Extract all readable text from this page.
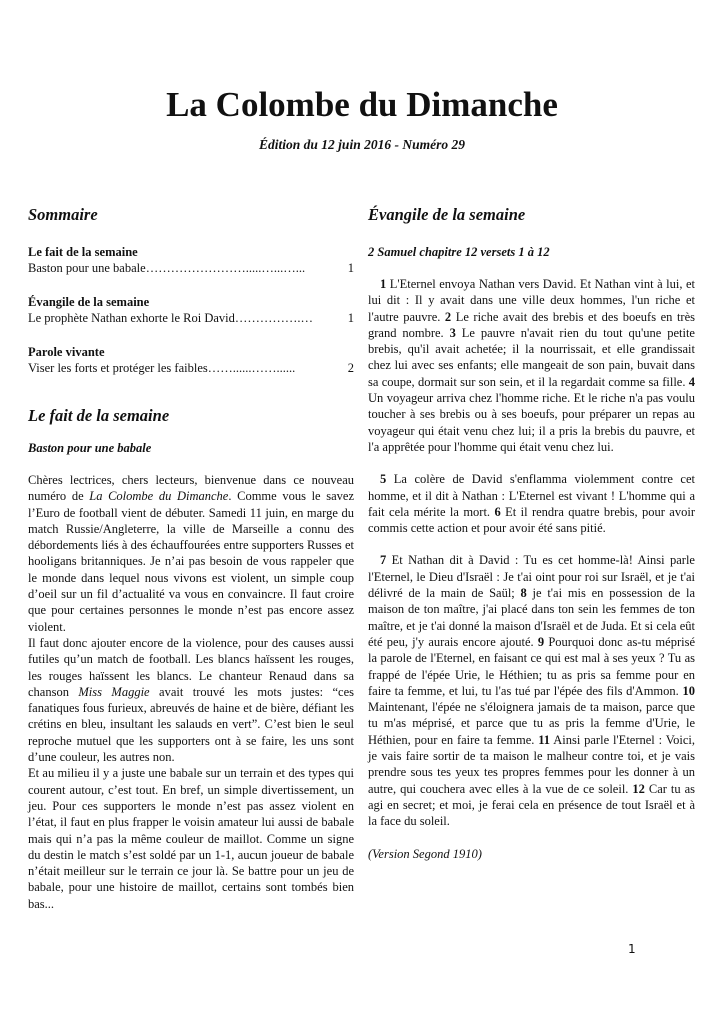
La Colombe du Dimanche
Édition du 12 juin 2016 - Numéro 29
Sommaire
Le fait de la semaine
Baston pour une babale …………………….....…...…...	1
Évangile de la semaine
Le prophète Nathan exhorte le Roi David …………….…	1
Parole vivante
Viser les forts et protéger les faibles ……......……......	2
Le fait de la semaine
Baston pour une babale

Chères lectrices, chers lecteurs, bienvenue dans ce nouveau numéro de La Colombe du Dimanche. Comme vous le savez l’Euro de football vient de débuter. Samedi 11 juin, en marge du match Russie/Angleterre, la ville de Marseille a connu des débordements liés à des échauffourées entre supporters Russes et hooligans britanniques. Je n’ai pas besoin de vous rappeler que le monde dans lequel nous vivons est violent, un simple coup d’oeil sur un fil d’actualité va vous en convaincre. Il faut croire que pour certaines personnes le monde n’est pas encore assez violent.

Il faut donc ajouter encore de la violence, pour des causes aussi futiles qu’un match de football. Les blancs haïssent les rouges, les rouges haïssent les blancs. Le chanteur Renaud dans sa chanson Miss Maggie avait trouvé les mots justes: “ces fanatiques fous furieux, abreuvés de haine et de bière, défiant les crétins en bleu, insultant les salauds en vert”. C’est bien le seul reproche mutuel que les supporters ont à se faire, les uns sont d’une couleur, les autres non.

Et au milieu il y a juste une babale sur un terrain et des types qui courent autour, c’est tout. En bref, un simple divertissement, un jeu. Pour ces supporters le monde n’est pas assez violent en l’état, il faut en plus frapper le voisin amateur lui aussi de babale mais qui n’a pas la même couleur de maillot. Comme un signe du destin le match s’est soldé par un 1-1, aucun joueur de babale n’était meilleur sur le terrain ce jour là. Se battre pour un jeu de babale, pour une histoire de maillot, certains sont tombés bien bas...

Évangile de la semaine
2 Samuel chapitre 12 versets 1 à 12

1 L'Eternel envoya Nathan vers David. Et Nathan vint à lui, et lui dit : Il y avait dans une ville deux hommes, l'un riche et l'autre pauvre. 2 Le riche avait des brebis et des boeufs en très grand nombre. 3 Le pauvre n'avait rien du tout qu'une petite brebis, qu'il avait achetée; il la nourrissait, et elle grandissait chez lui avec ses enfants; elle mangeait de son pain, buvait dans sa coupe, dormait sur son sein, et il la regardait comme sa fille. 4 Un voyageur arriva chez l'homme riche. Et le riche n'a pas voulu toucher à ses brebis ou à ses boeufs, pour préparer un repas au voyageur qui était venu chez lui; il a pris la brebis du pauvre, et l'a apprêtée pour l'homme qui était venu chez lui.

5 La colère de David s'enflamma violemment contre cet homme, et il dit à Nathan : L'Eternel est vivant ! L'homme qui a fait cela mérite la mort. 6 Et il rendra quatre brebis, pour avoir commis cette action et pour avoir été sans pitié.

7 Et Nathan dit à David : Tu es cet homme-là! Ainsi parle l'Eternel, le Dieu d'Israël : Je t'ai oint pour roi sur Israël, et je t'ai délivré de la main de Saül; 8 je t'ai mis en possession de la maison de ton maître, j'ai placé dans ton sein les femmes de ton maître, et je t'ai donné la maison d'Israël et de Juda. Et si cela eût été peu, j'y aurais encore ajouté. 9 Pourquoi donc as-tu méprisé la parole de l'Eternel, en faisant ce qui est mal à ses yeux ? Tu as frappé de l'épée Urie, le Héthien; tu as pris sa femme pour en faire ta femme, et lui, tu l'as tué par l'épée des fils d'Ammon. 10 Maintenant, l'épée ne s'éloignera jamais de ta maison, parce que tu m'as méprisé, et parce que tu as pris la femme d'Urie, le Héthien, pour en faire ta femme. 11 Ainsi parle l'Eternel : Voici, je vais faire sortir de ta maison le malheur contre toi, et je vais prendre sous tes yeux tes propres femmes pour les donner à un autre, qui couchera avec elles à la vue de ce soleil. 12 Car tu as agi en secret; et moi, je ferai cela en présence de tout Israël et à la face du soleil.

(Version Segond 1910)
1
